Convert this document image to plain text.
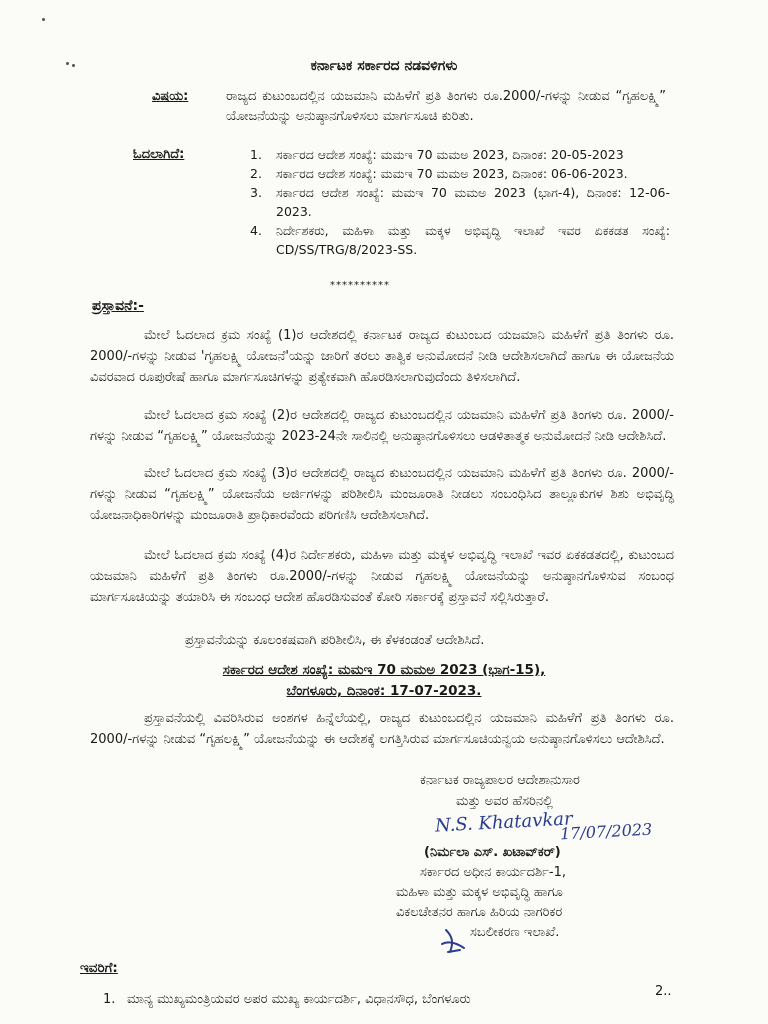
ಕರ್ನಾಟಕ ಸರ್ಕಾರದ ನಡವಳಿಗಳು
ವಿಷಯ:	ರಾಜ್ಯದ ಕುಟುಂಬದಲ್ಲಿನ ಯಜಮಾನಿ ಮಹಿಳೆಗೆ ಪ್ರತಿ ತಿಂಗಳು ರೂ.2000/-ಗಳನ್ನು ನೀಡುವ “ಗೃಹಲಕ್ಷ್ಮಿ” ಯೋಜನೆಯನ್ನು ಅನುಷ್ಠಾನಗೊಳಿಸಲು ಮಾರ್ಗಸೂಚಿ ಕುರಿತು.
ಓದಲಾಗಿದೆ:	1.	ಸರ್ಕಾರದ ಆದೇಶ ಸಂಖ್ಯೆ: ಮಮಇ 70 ಮಮಅ 2023, ದಿನಾಂಕ: 20-05-2023
2.	ಸರ್ಕಾರದ ಆದೇಶ ಸಂಖ್ಯೆ: ಮಮಇ 70 ಮಮಅ 2023, ದಿನಾಂಕ: 06-06-2023.
3.	ಸರ್ಕಾರದ ಆದೇಶ ಸಂಖ್ಯೆ: ಮಮಇ 70 ಮಮಅ 2023 (ಭಾಗ-4), ದಿನಾಂಕ: 12-06-2023.
4.	ನಿರ್ದೇಶಕರು, ಮಹಿಳಾ ಮತ್ತು ಮಕ್ಕಳ ಅಭಿವೃದ್ಧಿ ಇಲಾಖೆ ಇವರ ಏಕಕಡತ ಸಂಖ್ಯೆ: CD/SS/TRG/8/2023-SS.
**********
ಪ್ರಸ್ತಾವನೆ:-

ಮೇಲೆ ಓದಲಾದ ಕ್ರಮ ಸಂಖ್ಯೆ (1)ರ ಆದೇಶದಲ್ಲಿ ಕರ್ನಾಟಕ ರಾಜ್ಯದ ಕುಟುಂಬದ ಯಜಮಾನಿ ಮಹಿಳೆಗೆ ಪ್ರತಿ ತಿಂಗಳು ರೂ. 2000/-ಗಳನ್ನು ನೀಡುವ 'ಗೃಹಲಕ್ಷ್ಮಿ ಯೋಜನೆ'ಯನ್ನು ಜಾರಿಗೆ ತರಲು ತಾತ್ವಿಕ ಅನುಮೋದನೆ ನೀಡಿ ಆದೇಶಿಸಲಾಗಿದೆ ಹಾಗೂ ಈ ಯೋಜನೆಯ ವಿವರವಾದ ರೂಪುರೇಷೆ ಹಾಗೂ ಮಾರ್ಗಸೂಚಿಗಳನ್ನು ಪ್ರತ್ಯೇಕವಾಗಿ ಹೊರಡಿಸಲಾಗುವುದೆಂದು ತಿಳಿಸಲಾಗಿದೆ.

ಮೇಲೆ ಓದಲಾದ ಕ್ರಮ ಸಂಖ್ಯೆ (2)ರ ಆದೇಶದಲ್ಲಿ ರಾಜ್ಯದ ಕುಟುಂಬದಲ್ಲಿನ ಯಜಮಾನಿ ಮಹಿಳೆಗೆ ಪ್ರತಿ ತಿಂಗಳು ರೂ. 2000/-ಗಳನ್ನು ನೀಡುವ “ಗೃಹಲಕ್ಷ್ಮಿ” ಯೋಜನೆಯನ್ನು 2023-24ನೇ ಸಾಲಿನಲ್ಲಿ ಅನುಷ್ಠಾನಗೊಳಿಸಲು ಆಡಳಿತಾತ್ಮಕ ಅನುಮೋದನೆ ನೀಡಿ ಆದೇಶಿಸಿದೆ.

ಮೇಲೆ ಓದಲಾದ ಕ್ರಮ ಸಂಖ್ಯೆ (3)ರ ಆದೇಶದಲ್ಲಿ ರಾಜ್ಯದ ಕುಟುಂಬದಲ್ಲಿನ ಯಜಮಾನಿ ಮಹಿಳೆಗೆ ಪ್ರತಿ ತಿಂಗಳು ರೂ. 2000/-ಗಳನ್ನು ನೀಡುವ “ಗೃಹಲಕ್ಷ್ಮಿ” ಯೋಜನೆಯ ಅರ್ಜಿಗಳನ್ನು ಪರಿಶೀಲಿಸಿ ಮಂಜೂರಾತಿ ನೀಡಲು ಸಂಬಂಧಿಸಿದ ತಾಲ್ಲೂಕುಗಳ ಶಿಶು ಅಭಿವೃದ್ಧಿ ಯೋಜನಾಧಿಕಾರಿಗಳನ್ನು ಮಂಜೂರಾತಿ ಪ್ರಾಧಿಕಾರವೆಂದು ಪರಿಗಣಿಸಿ ಆದೇಶಿಸಲಾಗಿದೆ.

ಮೇಲೆ ಓದಲಾದ ಕ್ರಮ ಸಂಖ್ಯೆ (4)ರ ನಿರ್ದೇಶಕರು, ಮಹಿಳಾ ಮತ್ತು ಮಕ್ಕಳ ಅಭಿವೃದ್ಧಿ ಇಲಾಖೆ ಇವರ ಏಕಕಡತದಲ್ಲಿ, ಕುಟುಂಬದ ಯಜಮಾನಿ ಮಹಿಳೆಗೆ ಪ್ರತಿ ತಿಂಗಳು ರೂ.2000/-ಗಳನ್ನು ನೀಡುವ ಗೃಹಲಕ್ಷ್ಮಿ ಯೋಜನೆಯನ್ನು ಅನುಷ್ಠಾನಗೊಳಿಸುವ ಸಂಬಂಧ ಮಾರ್ಗಸೂಚಿಯನ್ನು ತಯಾರಿಸಿ ಈ ಸಂಬಂಧ ಆದೇಶ ಹೊರಡಿಸುವಂತೆ ಕೋರಿ ಸರ್ಕಾರಕ್ಕೆ ಪ್ರಸ್ತಾವನೆ ಸಲ್ಲಿಸಿರುತ್ತಾರೆ.

ಪ್ರಸ್ತಾವನೆಯನ್ನು ಕೂಲಂಕಷವಾಗಿ ಪರಿಶೀಲಿಸಿ, ಈ ಕೆಳಕಂಡಂತೆ ಆದೇಶಿಸಿದೆ.

ಸರ್ಕಾರದ ಆದೇಶ ಸಂಖ್ಯೆ: ಮಮಇ 70 ಮಮಅ 2023 (ಭಾಗ-15),
ಬೆಂಗಳೂರು, ದಿನಾಂಕ: 17-07-2023.

ಪ್ರಸ್ತಾವನೆಯಲ್ಲಿ ವಿವರಿಸಿರುವ ಅಂಶಗಳ ಹಿನ್ನೆಲೆಯಲ್ಲಿ, ರಾಜ್ಯದ ಕುಟುಂಬದಲ್ಲಿನ ಯಜಮಾನಿ ಮಹಿಳೆಗೆ ಪ್ರತಿ ತಿಂಗಳು ರೂ. 2000/-ಗಳನ್ನು ನೀಡುವ “ಗೃಹಲಕ್ಷ್ಮಿ” ಯೋಜನೆಯನ್ನು ಈ ಆದೇಶಕ್ಕೆ ಲಗತ್ತಿಸಿರುವ ಮಾರ್ಗಸೂಚಿಯನ್ವಯ ಅನುಷ್ಠಾನಗೊಳಿಸಲು ಆದೇಶಿಸಿದೆ.

ಕರ್ನಾಟಕ ರಾಜ್ಯಪಾಲರ ಆದೇಶಾನುಸಾರ
ಮತ್ತು ಅವರ ಹೆಸರಿನಲ್ಲಿ
N.S. Khatavkar
17/07/2023
(ನಿರ್ಮಲಾ ಎಸ್. ಖಟಾವ್‌ಕರ್)
ಸರ್ಕಾರದ ಅಧೀನ ಕಾರ್ಯದರ್ಶಿ-1,
ಮಹಿಳಾ ಮತ್ತು ಮಕ್ಕಳ ಅಭಿವೃದ್ಧಿ ಹಾಗೂ
ವಿಕಲಚೇತನರ ಹಾಗೂ ಹಿರಿಯ ನಾಗರಿಕರ
ಸಬಲೀಕರಣ ಇಲಾಖೆ.
ಇವರಿಗೆ:
2..
1. ಮಾನ್ಯ ಮುಖ್ಯಮಂತ್ರಿಯವರ ಅಪರ ಮುಖ್ಯ ಕಾರ್ಯದರ್ಶಿ, ವಿಧಾನಸೌಧ, ಬೆಂಗಳೂರು
